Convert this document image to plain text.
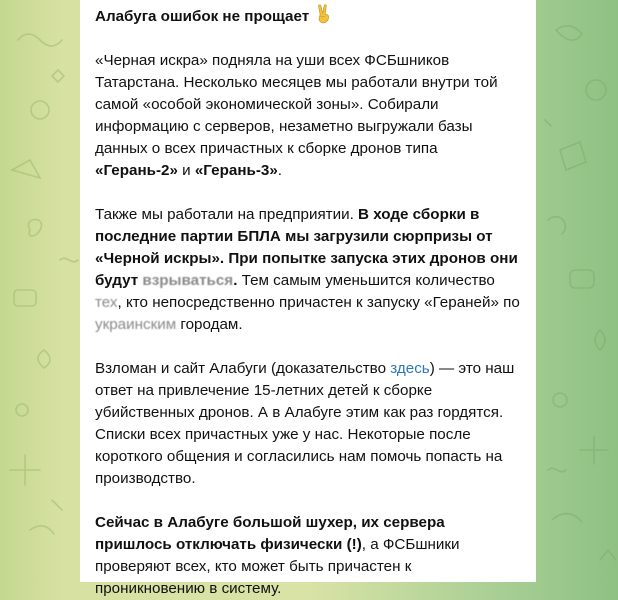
Алабуга ошибок не прощает

«Черная искра» подняла на уши всех ФСБшников Татарстана. Несколько месяцев мы работали внутри той самой «особой экономической зоны». Собирали информацию с серверов, незаметно выгружали базы данных о всех причастных к сборке дронов типа «Герань-2» и «Герань-3».

Также мы работали на предприятии. В ходе сборки в последние партии БПЛА мы загрузили сюрпризы от «Черной искры». При попытке запуска этих дронов они будут взрываться. Тем самым уменьшится количество тех, кто непосредственно причастен к запуску «Гераней» по украинским городам.

Взломан и сайт Алабуги (доказательство здесь) — это наш ответ на привлечение 15-летних детей к сборке убийственных дронов. А в Алабуге этим как раз гордятся. Списки всех причастных уже у нас. Некоторые после короткого общения и согласились нам помочь попасть на производство.

Сейчас в Алабуге большой шухер, их сервера пришлось отключать физически (!), а ФСБшники проверяют всех, кто может быть причастен к проникновению в систему.
